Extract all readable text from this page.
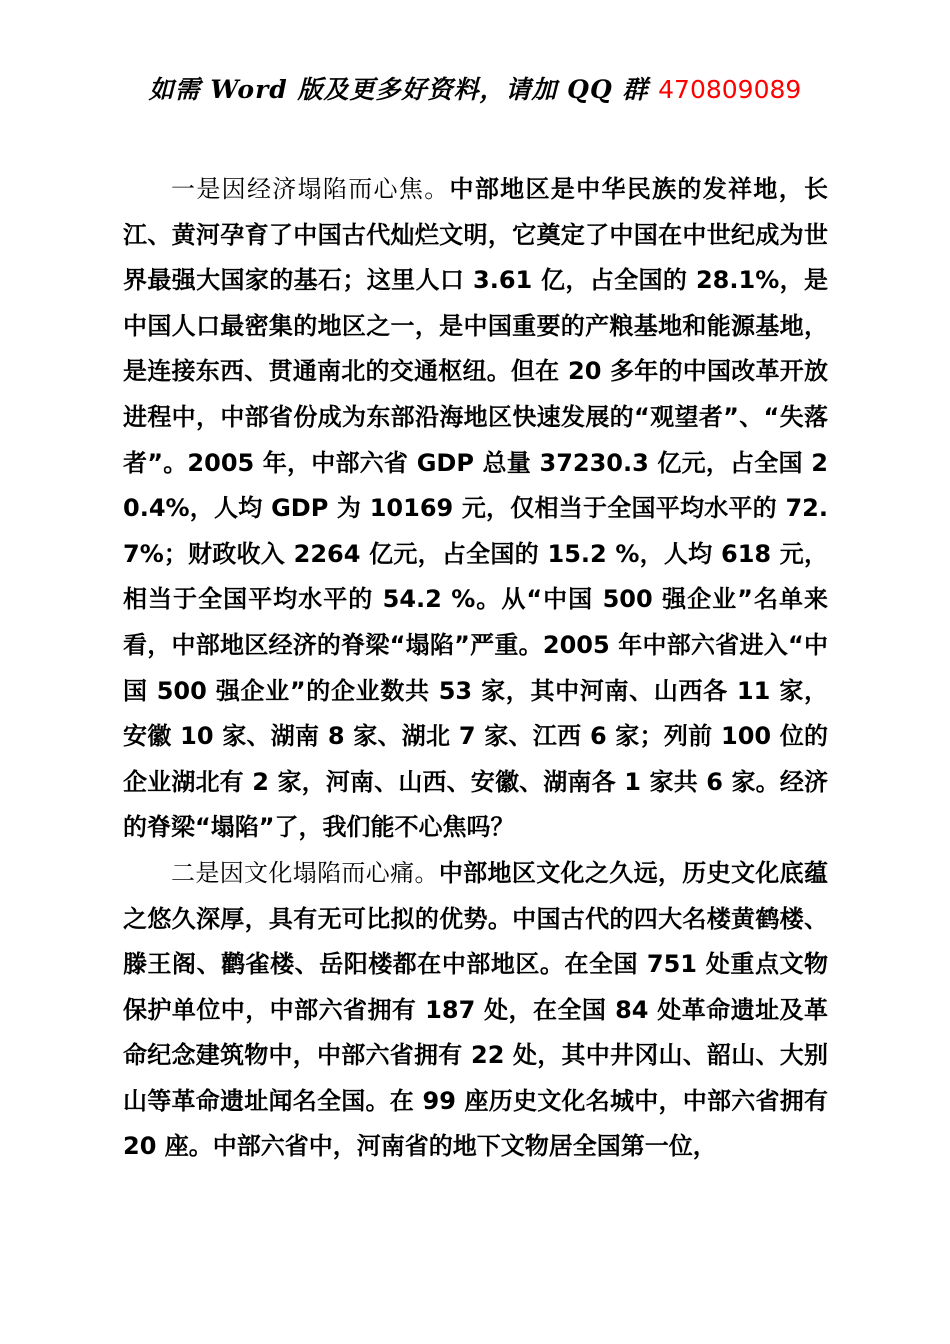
如需 Word 版及更多好资料，请加 QQ 群 470809089

一是因经济塌陷而心焦。中部地区是中华民族的发祥地，长江、黄河孕育了中国古代灿烂文明，它奠定了中国在中世纪成为世界最强大国家的基石；这里人口 3.61 亿，占全国的 28.1%，是中国人口最密集的地区之一，是中国重要的产粮基地和能源基地，是连接东西、贯通南北的交通枢纽。但在 20 多年的中国改革开放进程中，中部省份成为东部沿海地区快速发展的“观望者”、“失落者”。2005 年，中部六省 GDP 总量 37230.3 亿元，占全国 20.4%，人均 GDP 为 10169 元，仅相当于全国平均水平的 72.7%；财政收入 2264 亿元，占全国的 15.2 %，人均 618 元，相当于全国平均水平的 54.2 %。从“中国 500 强企业”名单来看，中部地区经济的脊梁“塌陷”严重。2005 年中部六省进入“中国 500 强企业”的企业数共 53 家，其中河南、山西各 11 家，安徽 10 家、湖南 8 家、湖北 7 家、江西 6 家；列前 100 位的企业湖北有 2 家，河南、山西、安徽、湖南各 1 家共 6 家。经济的脊梁“塌陷”了，我们能不心焦吗？

二是因文化塌陷而心痛。中部地区文化之久远，历史文化底蕴之悠久深厚，具有无可比拟的优势。中国古代的四大名楼黄鹤楼、滕王阁、鹳雀楼、岳阳楼都在中部地区。在全国 751 处重点文物保护单位中，中部六省拥有 187 处，在全国 84 处革命遗址及革命纪念建筑物中，中部六省拥有 22 处，其中井冈山、韶山、大别山等革命遗址闻名全国。在 99 座历史文化名城中，中部六省拥有 20 座。中部六省中，河南省的地下文物居全国第一位，
